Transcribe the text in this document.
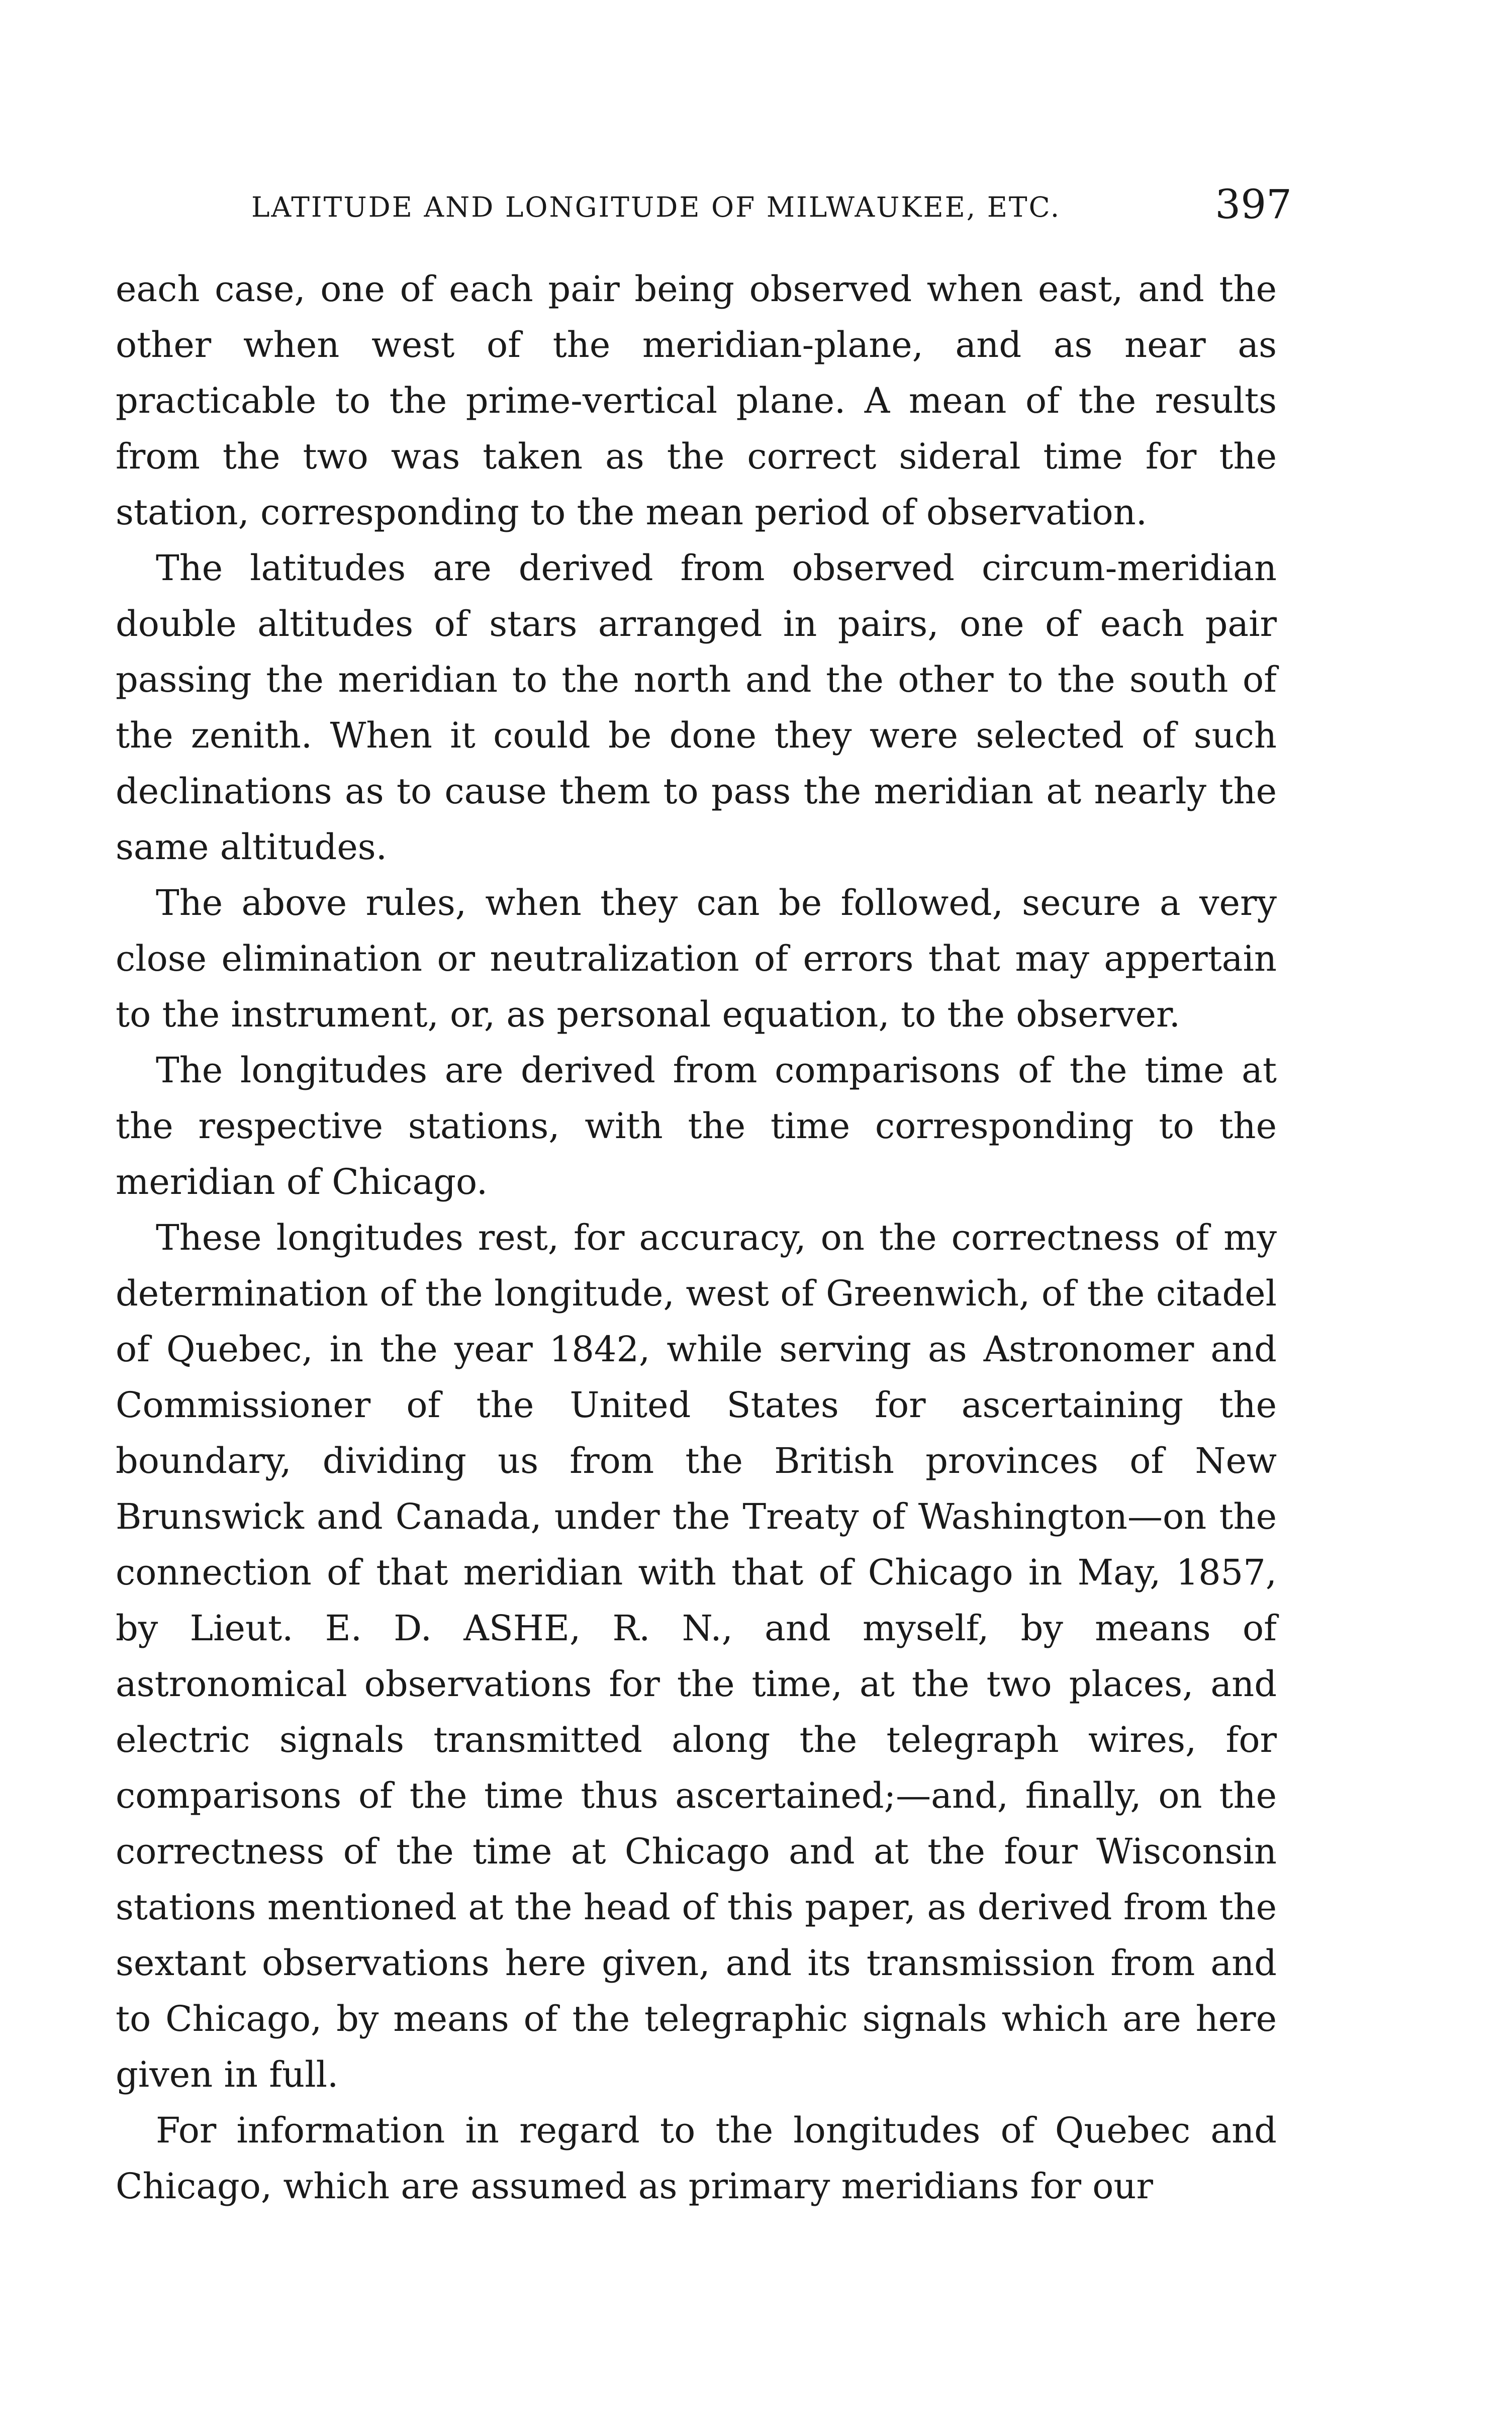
LATITUDE AND LONGITUDE OF MILWAUKEE, ETC.	397

each case, one of each pair being observed when east, and the other when west of the meridian-plane, and as near as practicable to the prime-vertical plane. A mean of the results from the two was taken as the correct sideral time for the station, corresponding to the mean period of observation.

The latitudes are derived from observed circum-meridian double altitudes of stars arranged in pairs, one of each pair passing the meridian to the north and the other to the south of the zenith. When it could be done they were selected of such declinations as to cause them to pass the meridian at nearly the same altitudes.

The above rules, when they can be followed, secure a very close elimination or neutralization of errors that may appertain to the instrument, or, as personal equation, to the observer.

The longitudes are derived from comparisons of the time at the respective stations, with the time corresponding to the meridian of Chicago.

These longitudes rest, for accuracy, on the correctness of my determination of the longitude, west of Greenwich, of the citadel of Quebec, in the year 1842, while serving as Astronomer and Commissioner of the United States for ascertaining the boundary, dividing us from the British provinces of New Brunswick and Canada, under the Treaty of Washington—on the connection of that meridian with that of Chicago in May, 1857, by Lieut. E. D. ASHE, R. N., and myself, by means of astronomical observations for the time, at the two places, and electric signals transmitted along the telegraph wires, for comparisons of the time thus ascertained;—and, finally, on the correctness of the time at Chicago and at the four Wisconsin stations mentioned at the head of this paper, as derived from the sextant observations here given, and its transmission from and to Chicago, by means of the telegraphic signals which are here given in full.

For information in regard to the longitudes of Quebec and Chicago, which are assumed as primary meridians for our
